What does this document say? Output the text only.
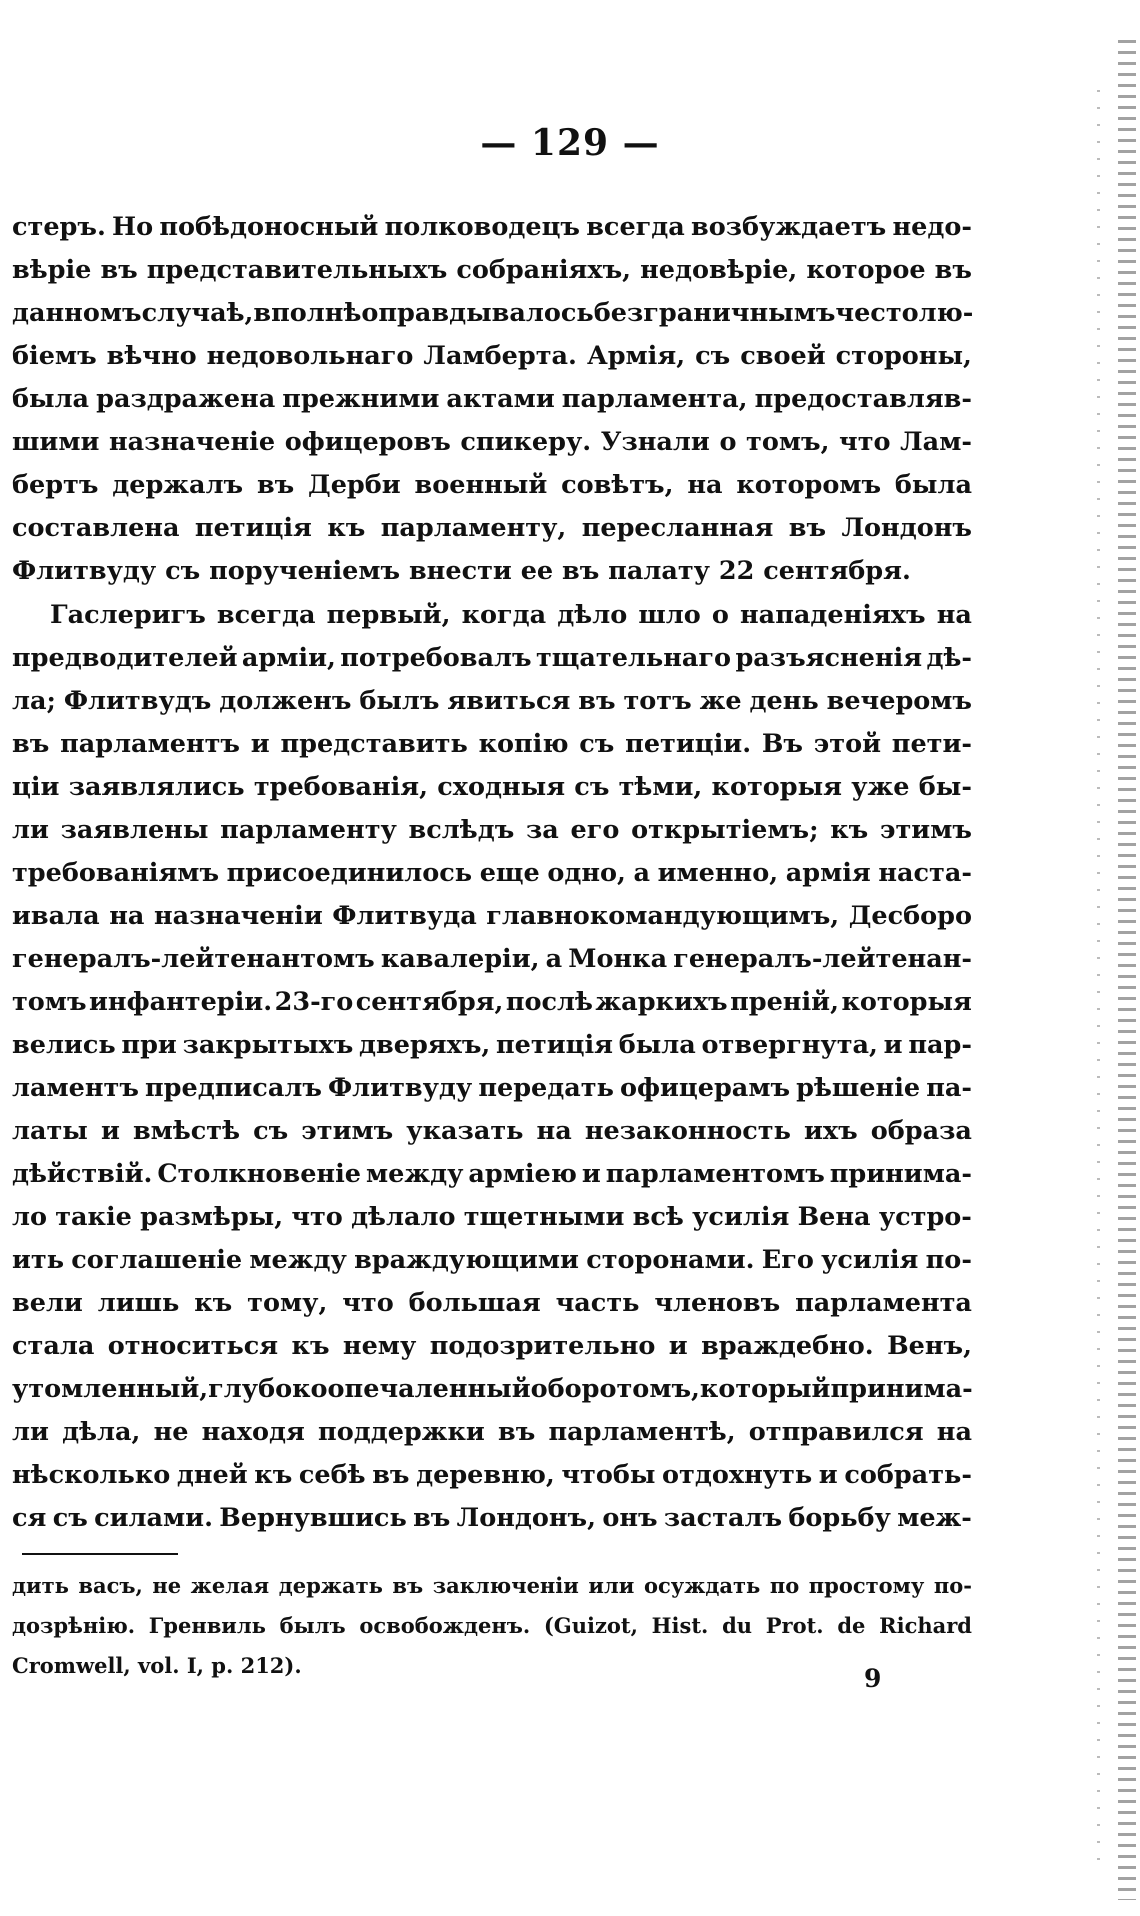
— 129 —
стеръ. Но побѣдоносный полководецъ всегда возбуждаетъ недо-
вѣріе въ представительныхъ собраніяхъ, недовѣріе, которое въ
данномъ случаѣ, вполнѣ оправдывалось безграничнымъ честолю-
біемъ вѣчно недовольнаго Ламберта. Армія, съ своей стороны,
была раздражена прежними актами парламента, предоставляв-
шими назначеніе офицеровъ спикеру. Узнали о томъ, что Лам-
бертъ держалъ въ Дерби военный совѣтъ, на которомъ была
составлена петиція къ парламенту, пересланная въ Лондонъ
Флитвуду съ порученіемъ внести ее въ палату 22 сентября.
Гаслеригъ всегда первый, когда дѣло шло о нападеніяхъ на
предводителей арміи, потребовалъ тщательнаго разъясненія дѣ-
ла; Флитвудъ долженъ былъ явиться въ тотъ же день вечеромъ
въ парламентъ и представить копію съ петиціи. Въ этой пети-
ціи заявлялись требованія, сходныя съ тѣми, которыя уже бы-
ли заявлены парламенту вслѣдъ за его открытіемъ; къ этимъ
требованіямъ присоединилось еще одно, а именно, армія наста-
ивала на назначеніи Флитвуда главнокомандующимъ, Десборо
генералъ-лейтенантомъ кавалеріи, а Монка генералъ-лейтенан-
томъ инфантеріи. 23-го сентября, послѣ жаркихъ преній, которыя
велись при закрытыхъ дверяхъ, петиція была отвергнута, и пар-
ламентъ предписалъ Флитвуду передать офицерамъ рѣшеніе па-
латы и вмѣстѣ съ этимъ указать на незаконность ихъ образа
дѣйствій. Столкновеніе между арміею и парламентомъ принима-
ло такіе размѣры, что дѣлало тщетными всѣ усилія Вена устро-
ить соглашеніе между враждующими сторонами. Его усилія по-
вели лишь къ тому, что большая часть членовъ парламента
стала относиться къ нему подозрительно и враждебно. Венъ,
утомленный, глубоко опечаленный оборотомъ, который принима-
ли дѣла, не находя поддержки въ парламентѣ, отправился на
нѣсколько дней къ себѣ въ деревню, чтобы отдохнуть и собрать-
ся съ силами. Вернувшись въ Лондонъ, онъ засталъ борьбу меж-
дить васъ, не желая держать въ заключеніи или осуждать по простому по-
дозрѣнію. Гренвиль былъ освобожденъ. (Guizot, Hist. du Prot. de Richard
Cromwell, vol. I, p. 212).	9
